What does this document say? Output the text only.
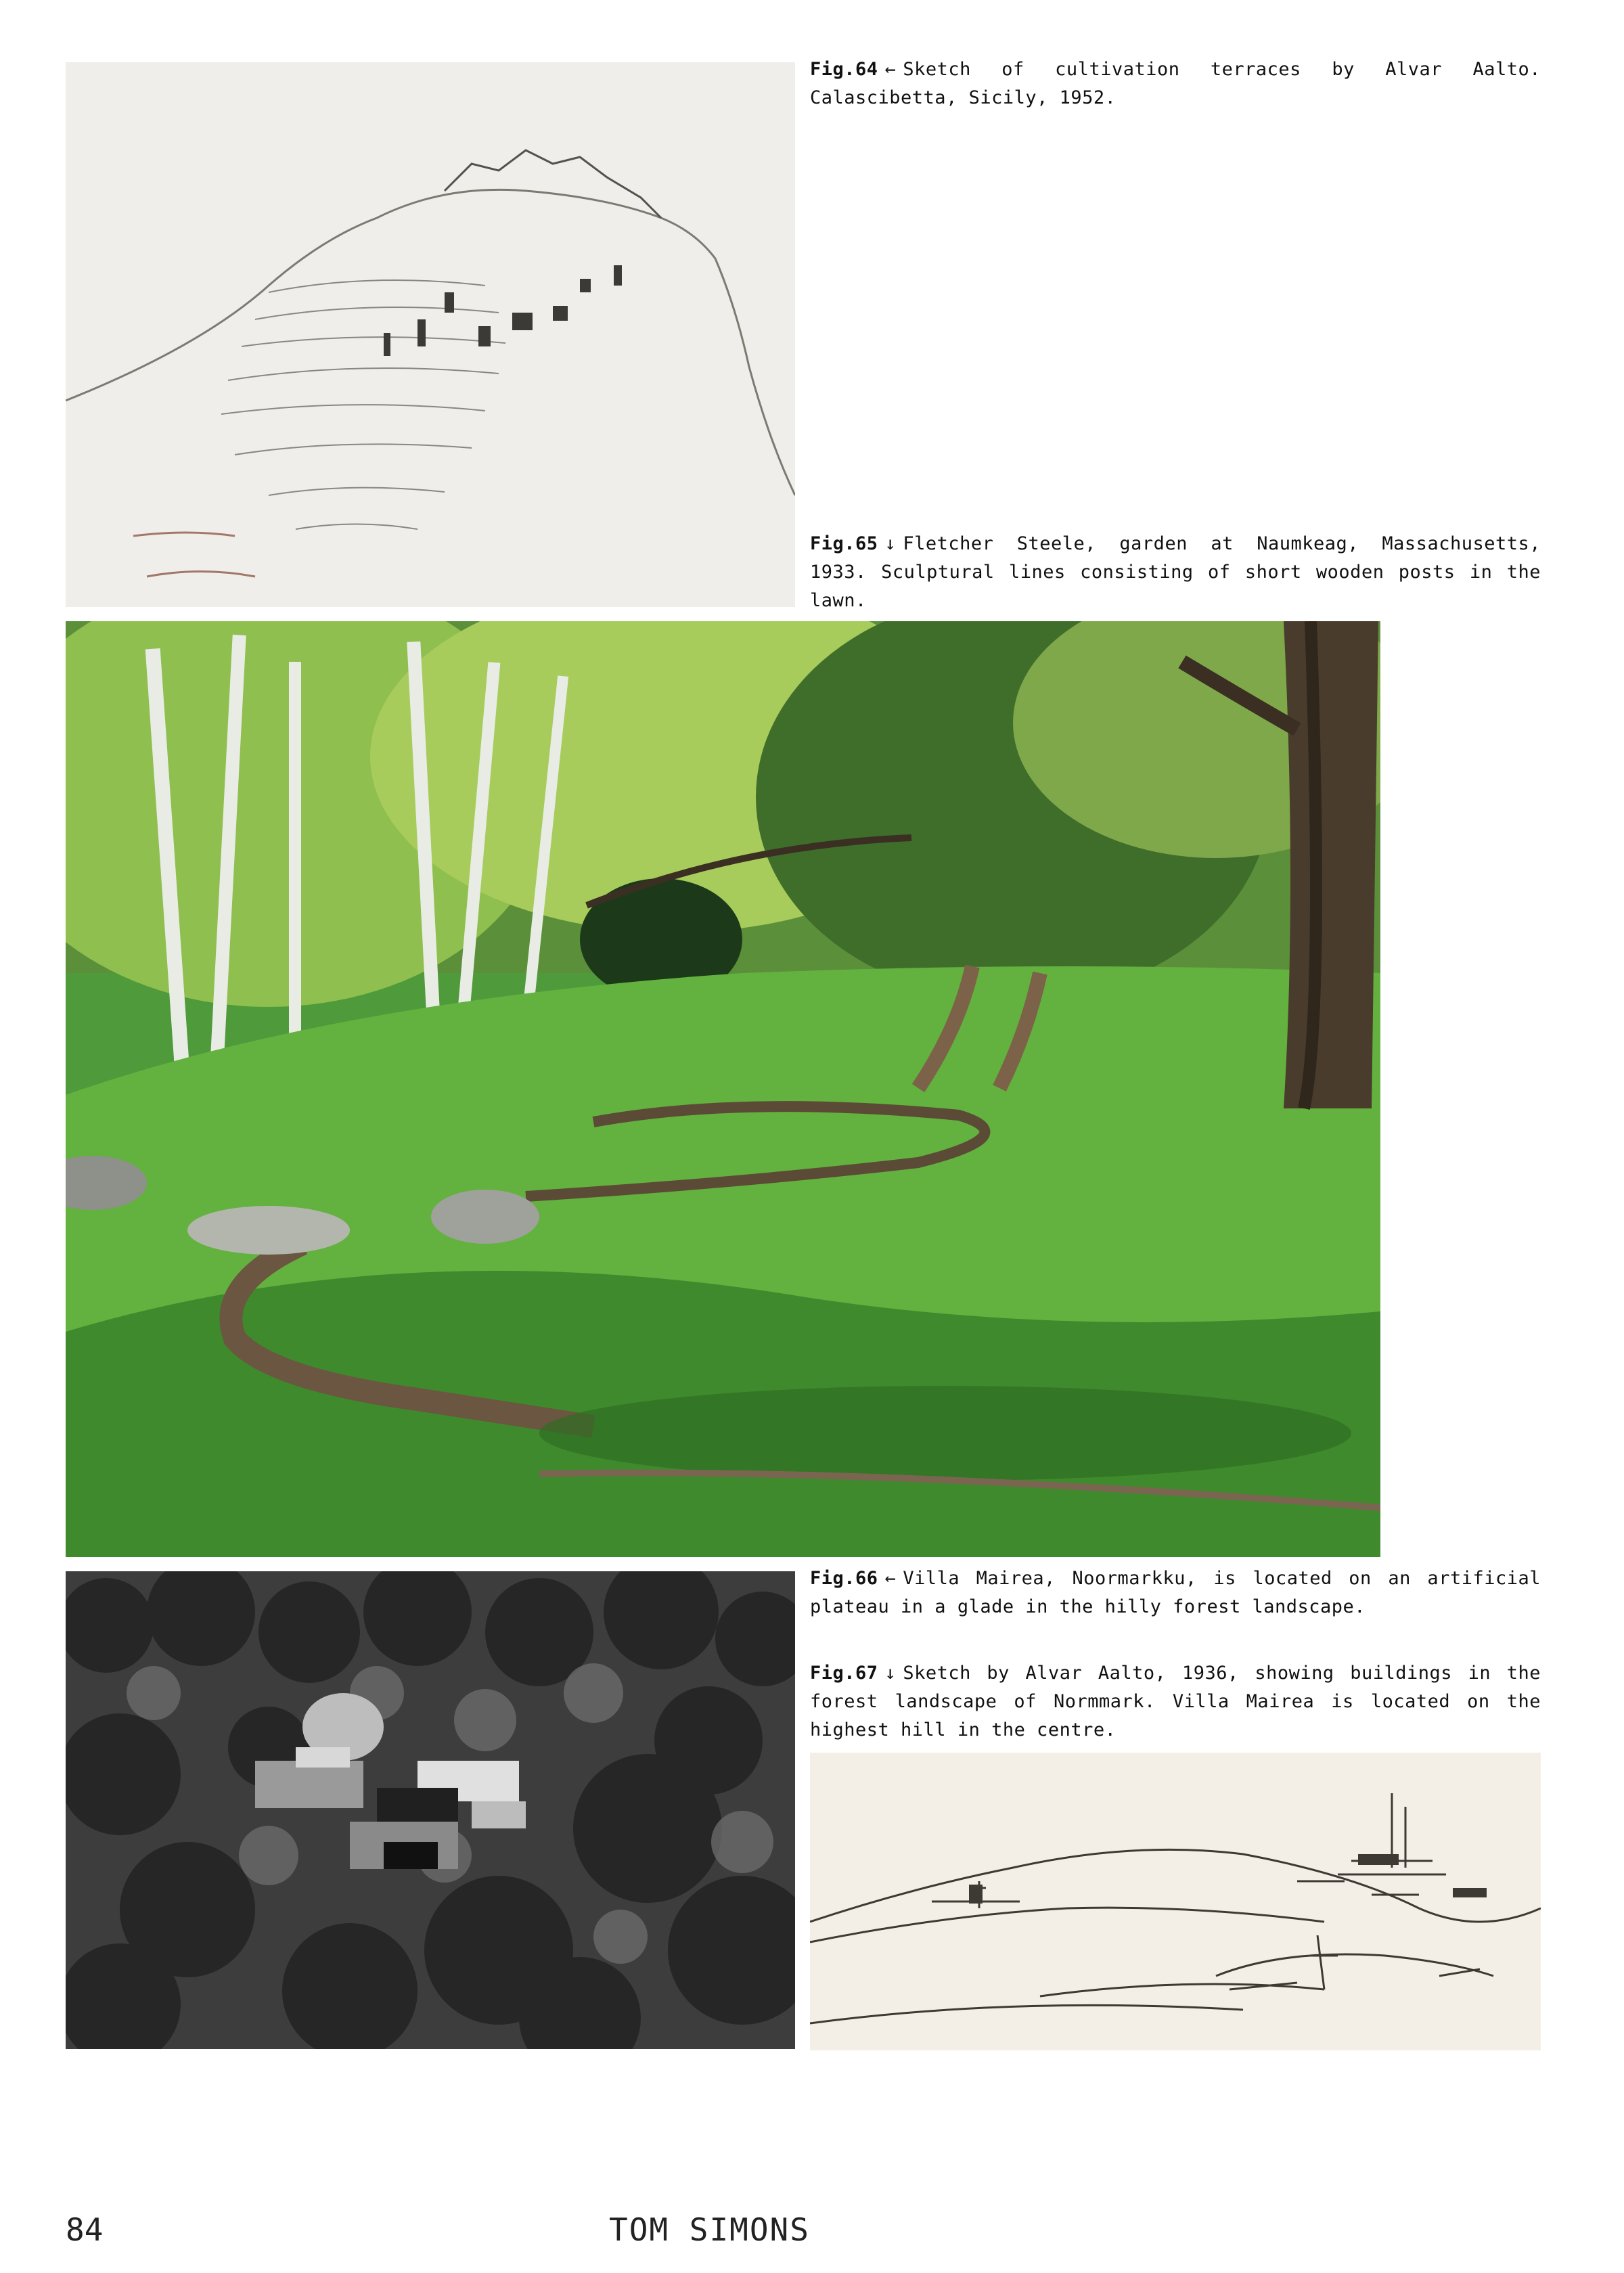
Fig.64 ← Sketch of cultivation terraces by Alvar Aalto. Calascibetta, Sicily, 1952.
Fig.65 ↓ Fletcher Steele, garden at Naumkeag, Massachusetts, 1933. Sculptural lines consisting of short wooden posts in the lawn.
Fig.66 ← Villa Mairea, Noormarkku, is located on an artificial plateau in a glade in the hilly forest landscape.
Fig.67 ↓ Sketch by Alvar Aalto, 1936, showing buildings in the forest landscape of Normmark. Villa Mairea is located on the highest hill in the centre.
84	TOM SIMONS
